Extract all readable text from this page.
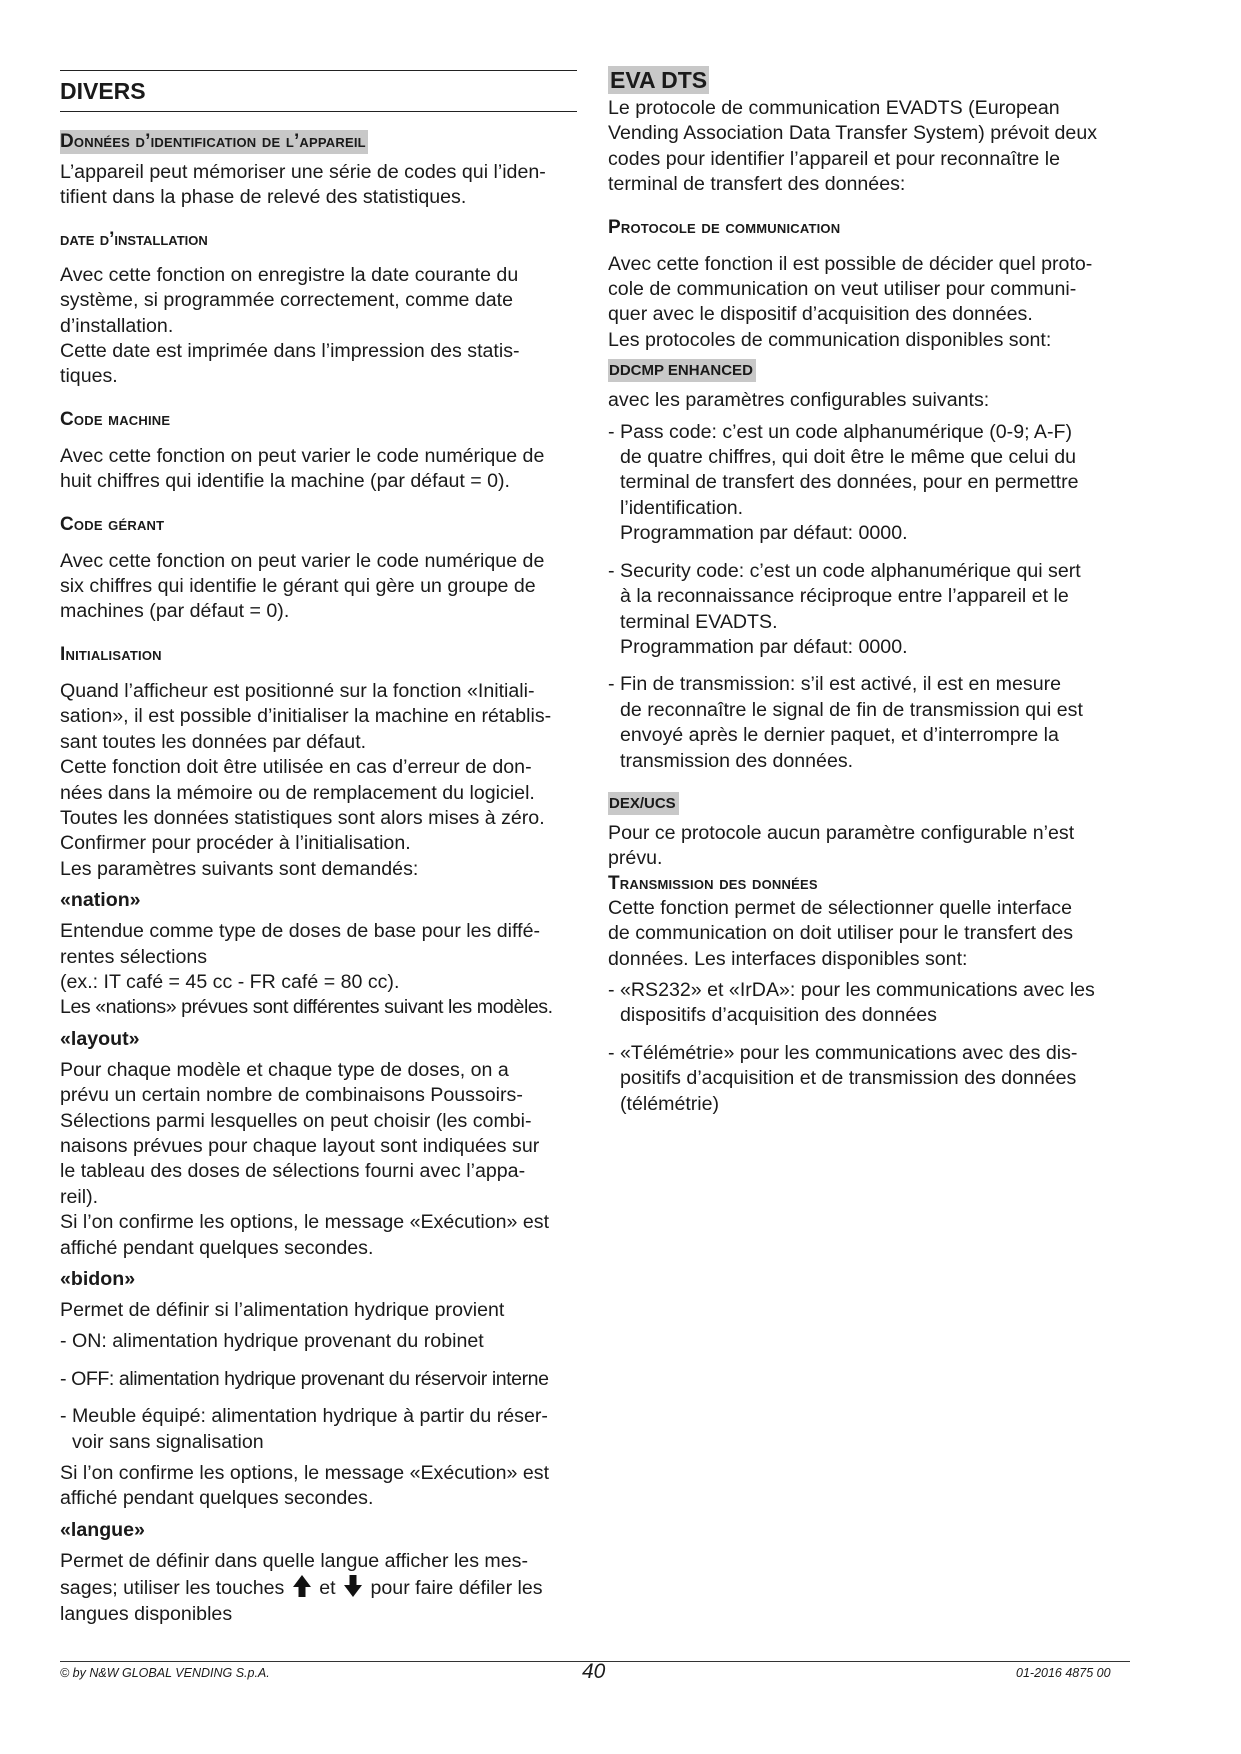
DIVERS
Données d’identification de l’appareil

L’appareil peut mémoriser une série de codes qui l’iden-

tifient dans la phase de relevé des statistiques.

date d’installation

Avec cette fonction on enregistre la date courante du

système, si programmée correctement, comme date

d’installation.

Cette date est imprimée dans l’impression des statis-

tiques.

Code machine

Avec cette fonction on peut varier le code numérique de

huit chiffres qui identifie la machine (par défaut = 0).

Code gérant

Avec cette fonction on peut varier le code numérique de

six chiffres qui identifie le gérant qui gère un groupe de

machines (par défaut = 0).

Initialisation

Quand l’afficheur est positionné sur la fonction «Initiali-

sation», il est possible d’initialiser la machine en rétablis-

sant toutes les données par défaut.

Cette fonction doit être utilisée en cas d’erreur de don-

nées dans la mémoire ou de remplacement du logiciel.

Toutes les données statistiques sont alors mises à zéro.

Confirmer pour procéder à l’initialisation.

Les paramètres suivants sont demandés:

«nation»

Entendue comme type de doses de base pour les diffé-

rentes sélections

(ex.: IT café = 45 cc - FR café = 80 cc).

Les «nations» prévues sont différentes suivant les modèles.

«layout»

Pour chaque modèle et chaque type de doses, on a

prévu un certain nombre de combinaisons Poussoirs-

Sélections parmi lesquelles on peut choisir (les combi-

naisons prévues pour chaque layout sont indiquées sur

le tableau des doses de sélections fourni avec l’appa-

reil).

Si l’on confirme les options, le message «Exécution» est

affiché pendant quelques secondes.

«bidon»

Permet de définir si l’alimentation hydrique provient

- ON: alimentation hydrique provenant du robinet

- OFF: alimentation hydrique provenant du réservoir interne

- Meuble équipé: alimentation hydrique à partir du réser-

voir sans signalisation

Si l’on confirme les options, le message «Exécution» est

affiché pendant quelques secondes.

«langue»

Permet de définir dans quelle langue afficher les mes-

sages; utiliser les touches et pour faire défiler les

langues disponibles

EVA DTS

Le protocole de communication EVADTS (European

Vending Association Data Transfer System) prévoit deux

codes pour identifier l’appareil et pour reconnaître le

terminal de transfert des données:

Protocole de communication

Avec cette fonction il est possible de décider quel proto-

cole de communication on veut utiliser pour communi-

quer avec le dispositif d’acquisition des données.

Les protocoles de communication disponibles sont:

DDCMP ENHANCED

avec les paramètres configurables suivants:

- Pass code: c’est un code alphanumérique (0-9; A-F)
de quatre chiffres, qui doit être le même que celui du
terminal de transfert des données, pour en permettre
l’identification.
Programmation par défaut: 0000.
- Security code: c’est un code alphanumérique qui sert
à la reconnaissance réciproque entre l’appareil et le
terminal EVADTS.
Programmation par défaut: 0000.
- Fin de transmission: s’il est activé, il est en mesure
de reconnaître le signal de fin de transmission qui est
envoyé après le dernier paquet, et d’interrompre la
transmission des données.
DEX/UCS

Pour ce protocole aucun paramètre configurable n’est

prévu.

Transmission des données

Cette fonction permet de sélectionner quelle interface

de communication on doit utiliser pour le transfert des

données. Les interfaces disponibles sont:

- «RS232» et «IrDA»: pour les communications avec les
dispositifs d’acquisition des données
- «Télémétrie» pour les communications avec des dis-
positifs d’acquisition et de transmission des données
(télémétrie)
© by N&W GLOBAL VENDING S.p.A.	40	01-2016 4875 00
